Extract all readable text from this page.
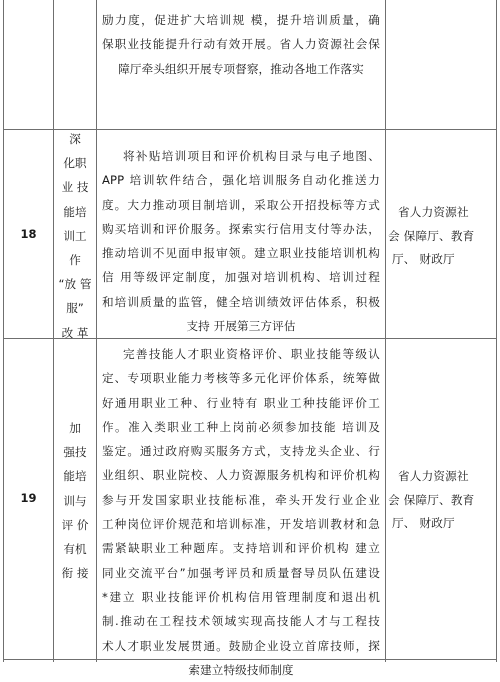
励力度，促进扩大培训规 模，提升培训质量，确

保职业技能提升行动有效开展。省人力资源社会保

障厅牵头组织开展专项督察，推动各地工作落实

18

深

化职

业 技

能培

训工

作

“放 管

服”

改 革

将补贴培训项目和评价机构目录与电子地图、

APP 培训软件结合，强化培训服务自动化推送力

度。大力推动项目制培训，采取公开招投标等方式

购买培训和评价服务。探索实行信用支付等办法，

推动培训不见面申报审领。建立职业技能培训机构

信 用等级评定制度，加强对培训机构、培训过程

和培训质量的监管，健全培训绩效评估体系，积极

支持 开展第三方评估

省人力资源社

会 保障厅、教育

厅、 财政厅

19

加

强技

能培

训与

评 价

有机

衔 接

完善技能人才职业资格评价、职业技能等级认

定、专项职业能力考核等多元化评价体系，统筹做

好通用职业工种、行业特有 职业工种技能评价工

作。准入类职业工种上岗前必须参加技能 培训及

鉴定。通过政府购买服务方式，支持龙头企业、行

业组织、职业院校、人力资源服务机构和评价机构

参与开发国家职业技能标准，牵头开发行业企业

工种岗位评价规范和培训标准，开发培训教材和急

需紧缺职业工种题库。支持培训和评价机构 建立

同业交流平台”加强考评员和质量督导员队伍建设

*建立 职业技能评价机构信用管理制度和退出机

制.推动在工程技术领域实现高技能人才与工程技

术人才职业发展贯通。鼓励企业设立首席技师，探

索建立特级技师制度

省人力资源社

会 保障厅、教育

厅、 财政厅
